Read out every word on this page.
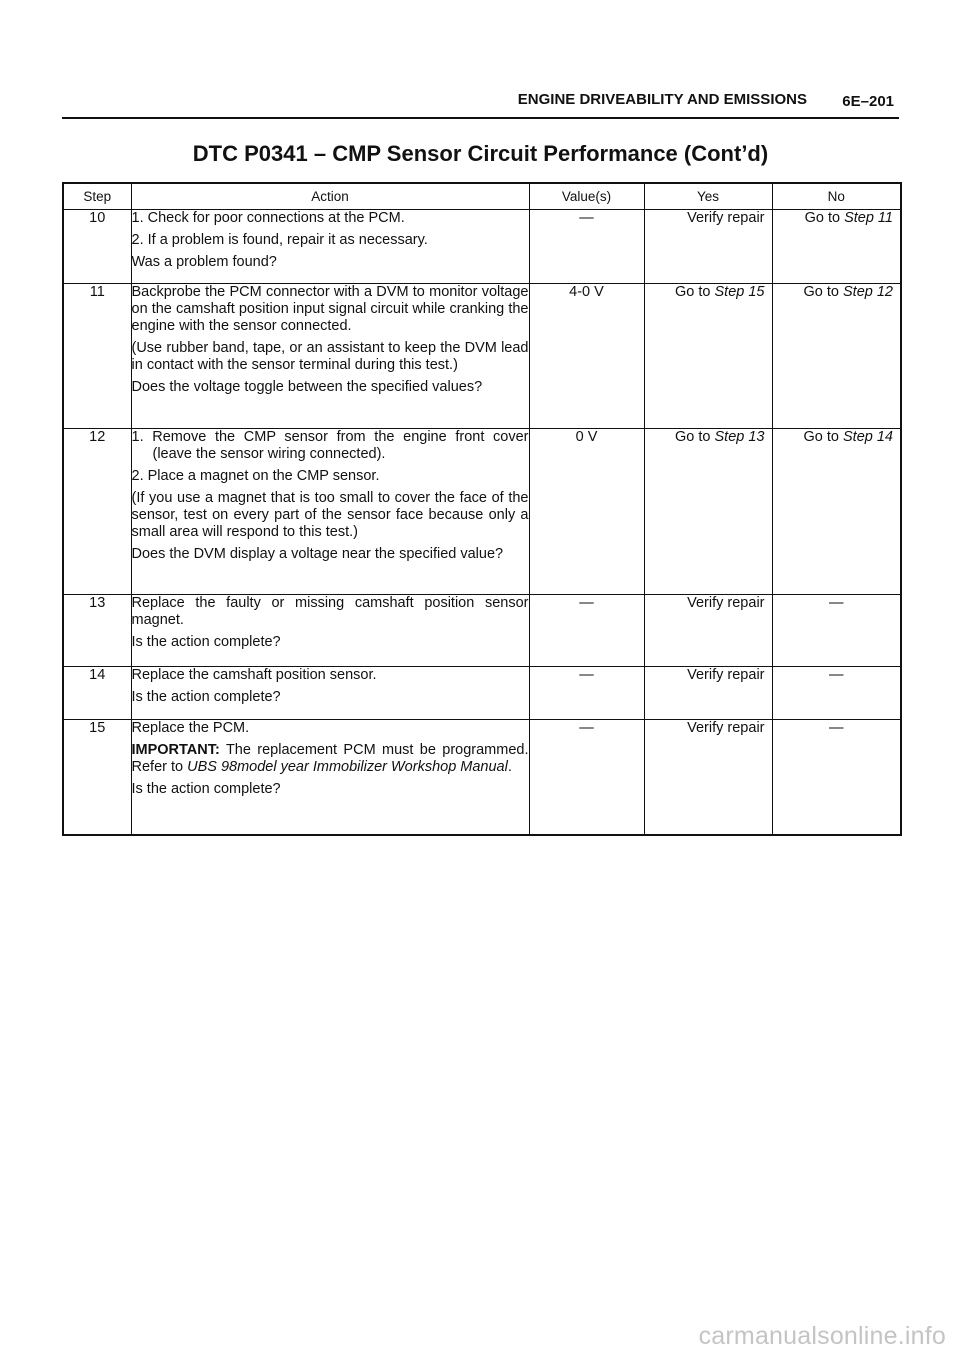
ENGINE DRIVEABILITY AND EMISSIONS 6E–201
DTC P0341 – CMP Sensor Circuit Performance (Cont’d)
Step	Action	Value(s)	Yes	No
10	1. Check for poor connections at the PCM.
2. If a problem is found, repair it as necessary.
Was a problem found?	—	Verify repair	Go to Step 11
11	Backprobe the PCM connector with a DVM to monitor voltage on the camshaft position input signal circuit while cranking the engine with the sensor connected.
(Use rubber band, tape, or an assistant to keep the DVM lead in contact with the sensor terminal during this test.)
Does the voltage toggle between the specified values?	4-0 V	Go to Step 15	Go to Step 12
12	1. Remove the CMP sensor from the engine front cover (leave the sensor wiring connected).
2. Place a magnet on the CMP sensor.
(If you use a magnet that is too small to cover the face of the sensor, test on every part of the sensor face because only a small area will respond to this test.)
Does the DVM display a voltage near the specified value?	0 V	Go to Step 13	Go to Step 14
13	Replace the faulty or missing camshaft position sensor magnet.
Is the action complete?	—	Verify repair	—
14	Replace the camshaft position sensor.
Is the action complete?	—	Verify repair	—
15	Replace the PCM.
IMPORTANT: The replacement PCM must be programmed. Refer to UBS 98model year Immobilizer Workshop Manual.
Is the action complete?	—	Verify repair	—
carmanualsonline.info
